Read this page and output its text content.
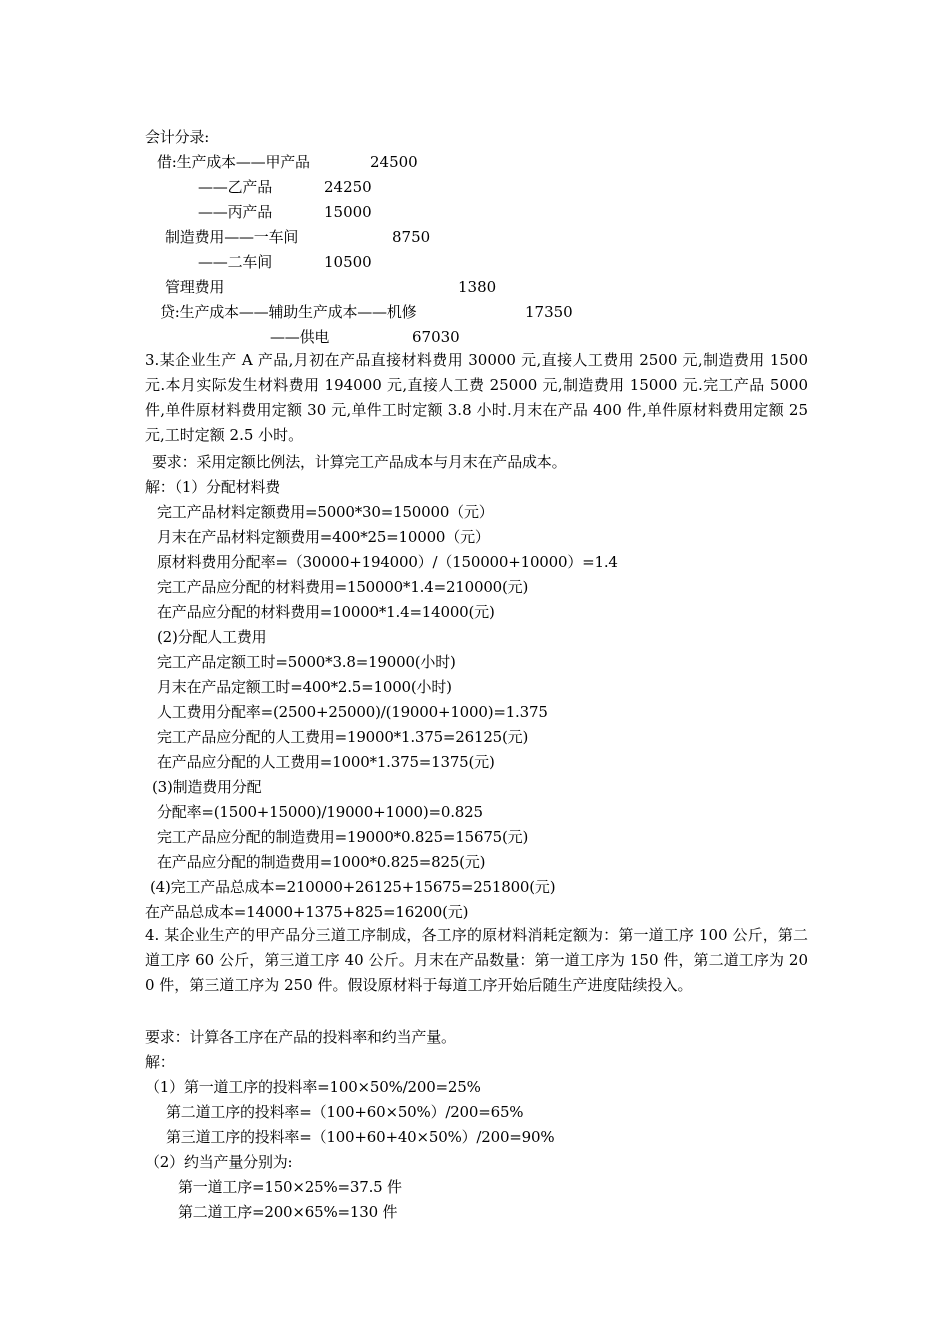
会计分录:
借:生产成本——甲产品	24500
——乙产品	24250
——丙产品	15000
制造费用——一车间	8750
——二车间	10500
管理费用	1380
贷:生产成本——辅助生产成本——机修	17350
——供电	67030
3.某企业生产 A 产品,月初在产品直接材料费用 30000 元,直接人工费用 2500 元,制造费用 1500 元.本月实际发生材料费用 194000 元,直接人工费 25000 元,制造费用 15000 元.完工产品 5000 件,单件原材料费用定额 30 元,单件工时定额 3.8 小时.月末在产品 400 件,单件原材料费用定额 25 元,工时定额 2.5 小时。
要求：采用定额比例法，计算完工产品成本与月末在产品成本。
解：（1）分配材料费
完工产品材料定额费用=5000*30=150000（元）
月末在产品材料定额费用=400*25=10000（元）
原材料费用分配率=（30000+194000）/（150000+10000）=1.4
完工产品应分配的材料费用=150000*1.4=210000(元)
在产品应分配的材料费用=10000*1.4=14000(元)
(2)分配人工费用
完工产品定额工时=5000*3.8=19000(小时)
月末在产品定额工时=400*2.5=1000(小时)
人工费用分配率=(2500+25000)/(19000+1000)=1.375
完工产品应分配的人工费用=19000*1.375=26125(元)
在产品应分配的人工费用=1000*1.375=1375(元)
(3)制造费用分配
分配率=(1500+15000)/19000+1000)=0.825
完工产品应分配的制造费用=19000*0.825=15675(元)
在产品应分配的制造费用=1000*0.825=825(元)
(4)完工产品总成本=210000+26125+15675=251800(元)
在产品总成本=14000+1375+825=16200(元)
4. 某企业生产的甲产品分三道工序制成，各工序的原材料消耗定额为：第一道工序 100 公斤，第二道工序 60 公斤，第三道工序 40 公斤。月末在产品数量：第一道工序为 150 件，第二道工序为 200 件，第三道工序为 250 件。假设原材料于每道工序开始后随生产进度陆续投入。
要求：计算各工序在产品的投料率和约当产量。
解：
（1）第一道工序的投料率=100×50%/200=25%
第二道工序的投料率=（100+60×50%）/200=65%
第三道工序的投料率=（100+60+40×50%）/200=90%
（2）约当产量分别为:
第一道工序=150×25%=37.5 件
第二道工序=200×65%=130 件
